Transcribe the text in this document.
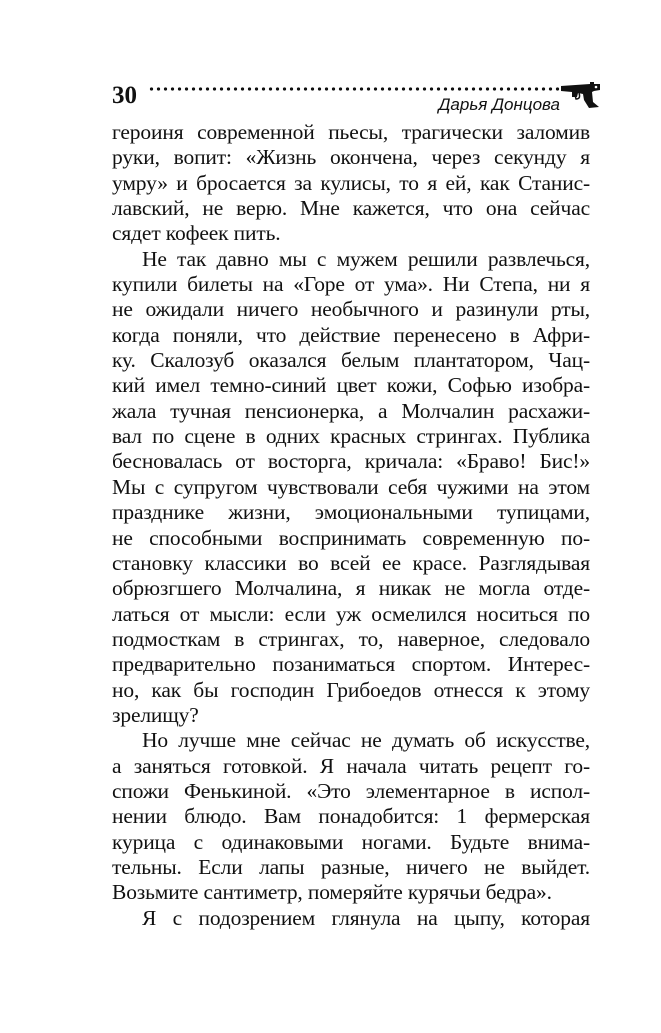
30	Дарья Донцова
героиня современной пьесы, трагически заломив
руки, вопит: «Жизнь окончена, через секунду я
умру» и бросается за кулисы, то я ей, как Станис-
лавский, не верю. Мне кажется, что она сейчас
сядет кофеек пить.
Не так давно мы с мужем решили развлечься,
купили билеты на «Горе от ума». Ни Степа, ни я
не ожидали ничего необычного и разинули рты,
когда поняли, что действие перенесено в Афри-
ку. Скалозуб оказался белым плантатором, Чац-
кий имел темно-синий цвет кожи, Софью изобра-
жала тучная пенсионерка, а Молчалин расхажи-
вал по сцене в одних красных стрингах. Публика
бесновалась от восторга, кричала: «Браво! Бис!»
Мы с супругом чувствовали себя чужими на этом
празднике жизни, эмоциональными тупицами,
не способными воспринимать современную по-
становку классики во всей ее красе. Разглядывая
обрюзгшего Молчалина, я никак не могла отде-
латься от мысли: если уж осмелился носиться по
подмосткам в стрингах, то, наверное, следовало
предварительно позаниматься спортом. Интерес-
но, как бы господин Грибоедов отнесся к этому
зрелищу?
Но лучше мне сейчас не думать об искусстве,
а заняться готовкой. Я начала читать рецепт го-
спожи Фенькиной. «Это элементарное в испол-
нении блюдо. Вам понадобится: 1 фермерская
курица с одинаковыми ногами. Будьте внима-
тельны. Если лапы разные, ничего не выйдет.
Возьмите сантиметр, померяйте курячьи бедра».
Я с подозрением глянула на цыпу, которая
